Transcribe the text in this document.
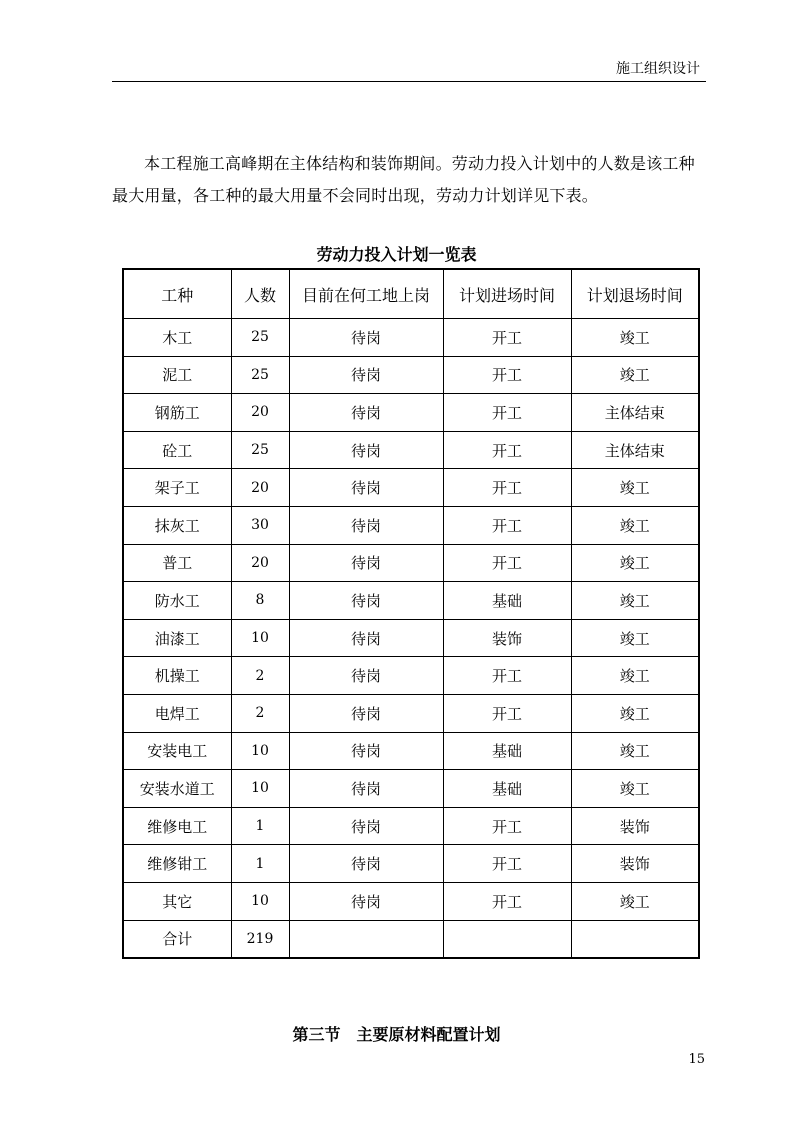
施工组织设计

本工程施工高峰期在主体结构和装饰期间。劳动力投入计划中的人数是该工种最大用量，各工种的最大用量不会同时出现，劳动力计划详见下表。

劳动力投入计划一览表
工种	人数	目前在何工地上岗	计划进场时间	计划退场时间
木工	25	待岗	开工	竣工
泥工	25	待岗	开工	竣工
钢筋工	20	待岗	开工	主体结束
砼工	25	待岗	开工	主体结束
架子工	20	待岗	开工	竣工
抹灰工	30	待岗	开工	竣工
普工	20	待岗	开工	竣工
防水工	8	待岗	基础	竣工
油漆工	10	待岗	装饰	竣工
机操工	2	待岗	开工	竣工
电焊工	2	待岗	开工	竣工
安装电工	10	待岗	基础	竣工
安装水道工	10	待岗	基础	竣工
维修电工	1	待岗	开工	装饰
维修钳工	1	待岗	开工	装饰
其它	10	待岗	开工	竣工
合计	219			
第三节　主要原材料配置计划
15
